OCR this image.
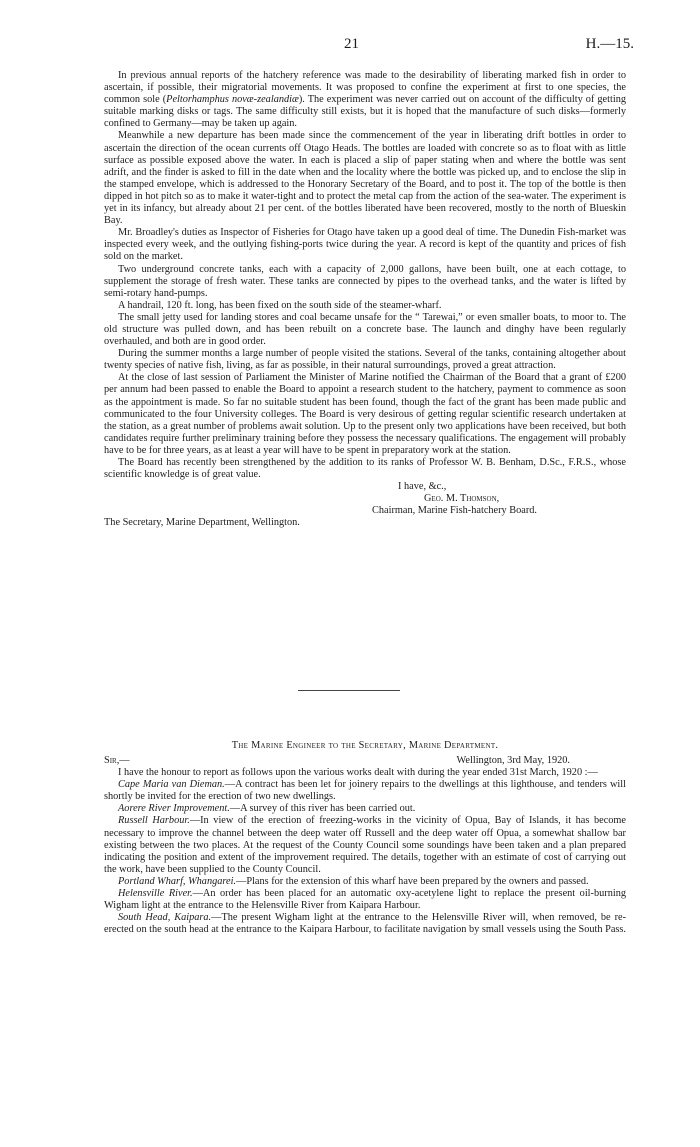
21	H.—15.

In previous annual reports of the hatchery reference was made to the desirability of liberating marked fish in order to ascertain, if possible, their migratorial movements. It was proposed to confine the experiment at first to one species, the common sole (Peltorhamphus novæ-zealandiæ). The experiment was never carried out on account of the difficulty of getting suitable marking disks or tags. The same difficulty still exists, but it is hoped that the manufacture of such disks—formerly confined to Germany—may be taken up again.

Meanwhile a new departure has been made since the commencement of the year in liberating drift bottles in order to ascertain the direction of the ocean currents off Otago Heads. The bottles are loaded with concrete so as to float with as little surface as possible exposed above the water. In each is placed a slip of paper stating when and where the bottle was sent adrift, and the finder is asked to fill in the date when and the locality where the bottle was picked up, and to enclose the slip in the stamped envelope, which is addressed to the Honorary Secretary of the Board, and to post it. The top of the bottle is then dipped in hot pitch so as to make it water-tight and to protect the metal cap from the action of the sea-water. The experiment is yet in its infancy, but already about 21 per cent. of the bottles liberated have been recovered, mostly to the north of Blueskin Bay.

Mr. Broadley's duties as Inspector of Fisheries for Otago have taken up a good deal of time. The Dunedin Fish-market was inspected every week, and the outlying fishing-ports twice during the year. A record is kept of the quantity and prices of fish sold on the market.

Two underground concrete tanks, each with a capacity of 2,000 gallons, have been built, one at each cottage, to supplement the storage of fresh water. These tanks are connected by pipes to the overhead tanks, and the water is lifted by semi-rotary hand-pumps.

A handrail, 120 ft. long, has been fixed on the south side of the steamer-wharf.

The small jetty used for landing stores and coal became unsafe for the “ Tarewai,” or even smaller boats, to moor to. The old structure was pulled down, and has been rebuilt on a concrete base. The launch and dinghy have been regularly overhauled, and both are in good order.

During the summer months a large number of people visited the stations. Several of the tanks, containing altogether about twenty species of native fish, living, as far as possible, in their natural surroundings, proved a great attraction.

At the close of last session of Parliament the Minister of Marine notified the Chairman of the Board that a grant of £200 per annum had been passed to enable the Board to appoint a research student to the hatchery, payment to commence as soon as the appointment is made. So far no suitable student has been found, though the fact of the grant has been made public and communicated to the four University colleges. The Board is very desirous of getting regular scientific research undertaken at the station, as a great number of problems await solution. Up to the present only two applications have been received, but both candidates require further preliminary training before they possess the necessary qualifications. The engagement will probably have to be for three years, as at least a year will have to be spent in preparatory work at the station.

The Board has recently been strengthened by the addition to its ranks of Professor W. B. Benham, D.Sc., F.R.S., whose scientific knowledge is of great value.

I have, &c.,
Geo. M. Thomson,
Chairman, Marine Fish-hatchery Board.
The Secretary, Marine Department, Wellington.

The Marine Engineer to the Secretary, Marine Department.

Sir,—	Wellington, 3rd May, 1920.

I have the honour to report as follows upon the various works dealt with during the year ended 31st March, 1920 :—

Cape Maria van Dieman.—A contract has been let for joinery repairs to the dwellings at this lighthouse, and tenders will shortly be invited for the erection of two new dwellings.

Aorere River Improvement.—A survey of this river has been carried out.

Russell Harbour.—In view of the erection of freezing-works in the vicinity of Opua, Bay of Islands, it has become necessary to improve the channel between the deep water off Russell and the deep water off Opua, a somewhat shallow bar existing between the two places. At the request of the County Council some soundings have been taken and a plan prepared indicating the position and extent of the improvement required. The details, together with an estimate of cost of carrying out the work, have been supplied to the County Council.

Portland Wharf, Whangarei.—Plans for the extension of this wharf have been prepared by the owners and passed.

Helensville River.—An order has been placed for an automatic oxy-acetylene light to replace the present oil-burning Wigham light at the entrance to the Helensville River from Kaipara Harbour.

South Head, Kaipara.—The present Wigham light at the entrance to the Helensville River will, when removed, be re-erected on the south head at the entrance to the Kaipara Harbour, to facilitate navigation by small vessels using the South Pass.
